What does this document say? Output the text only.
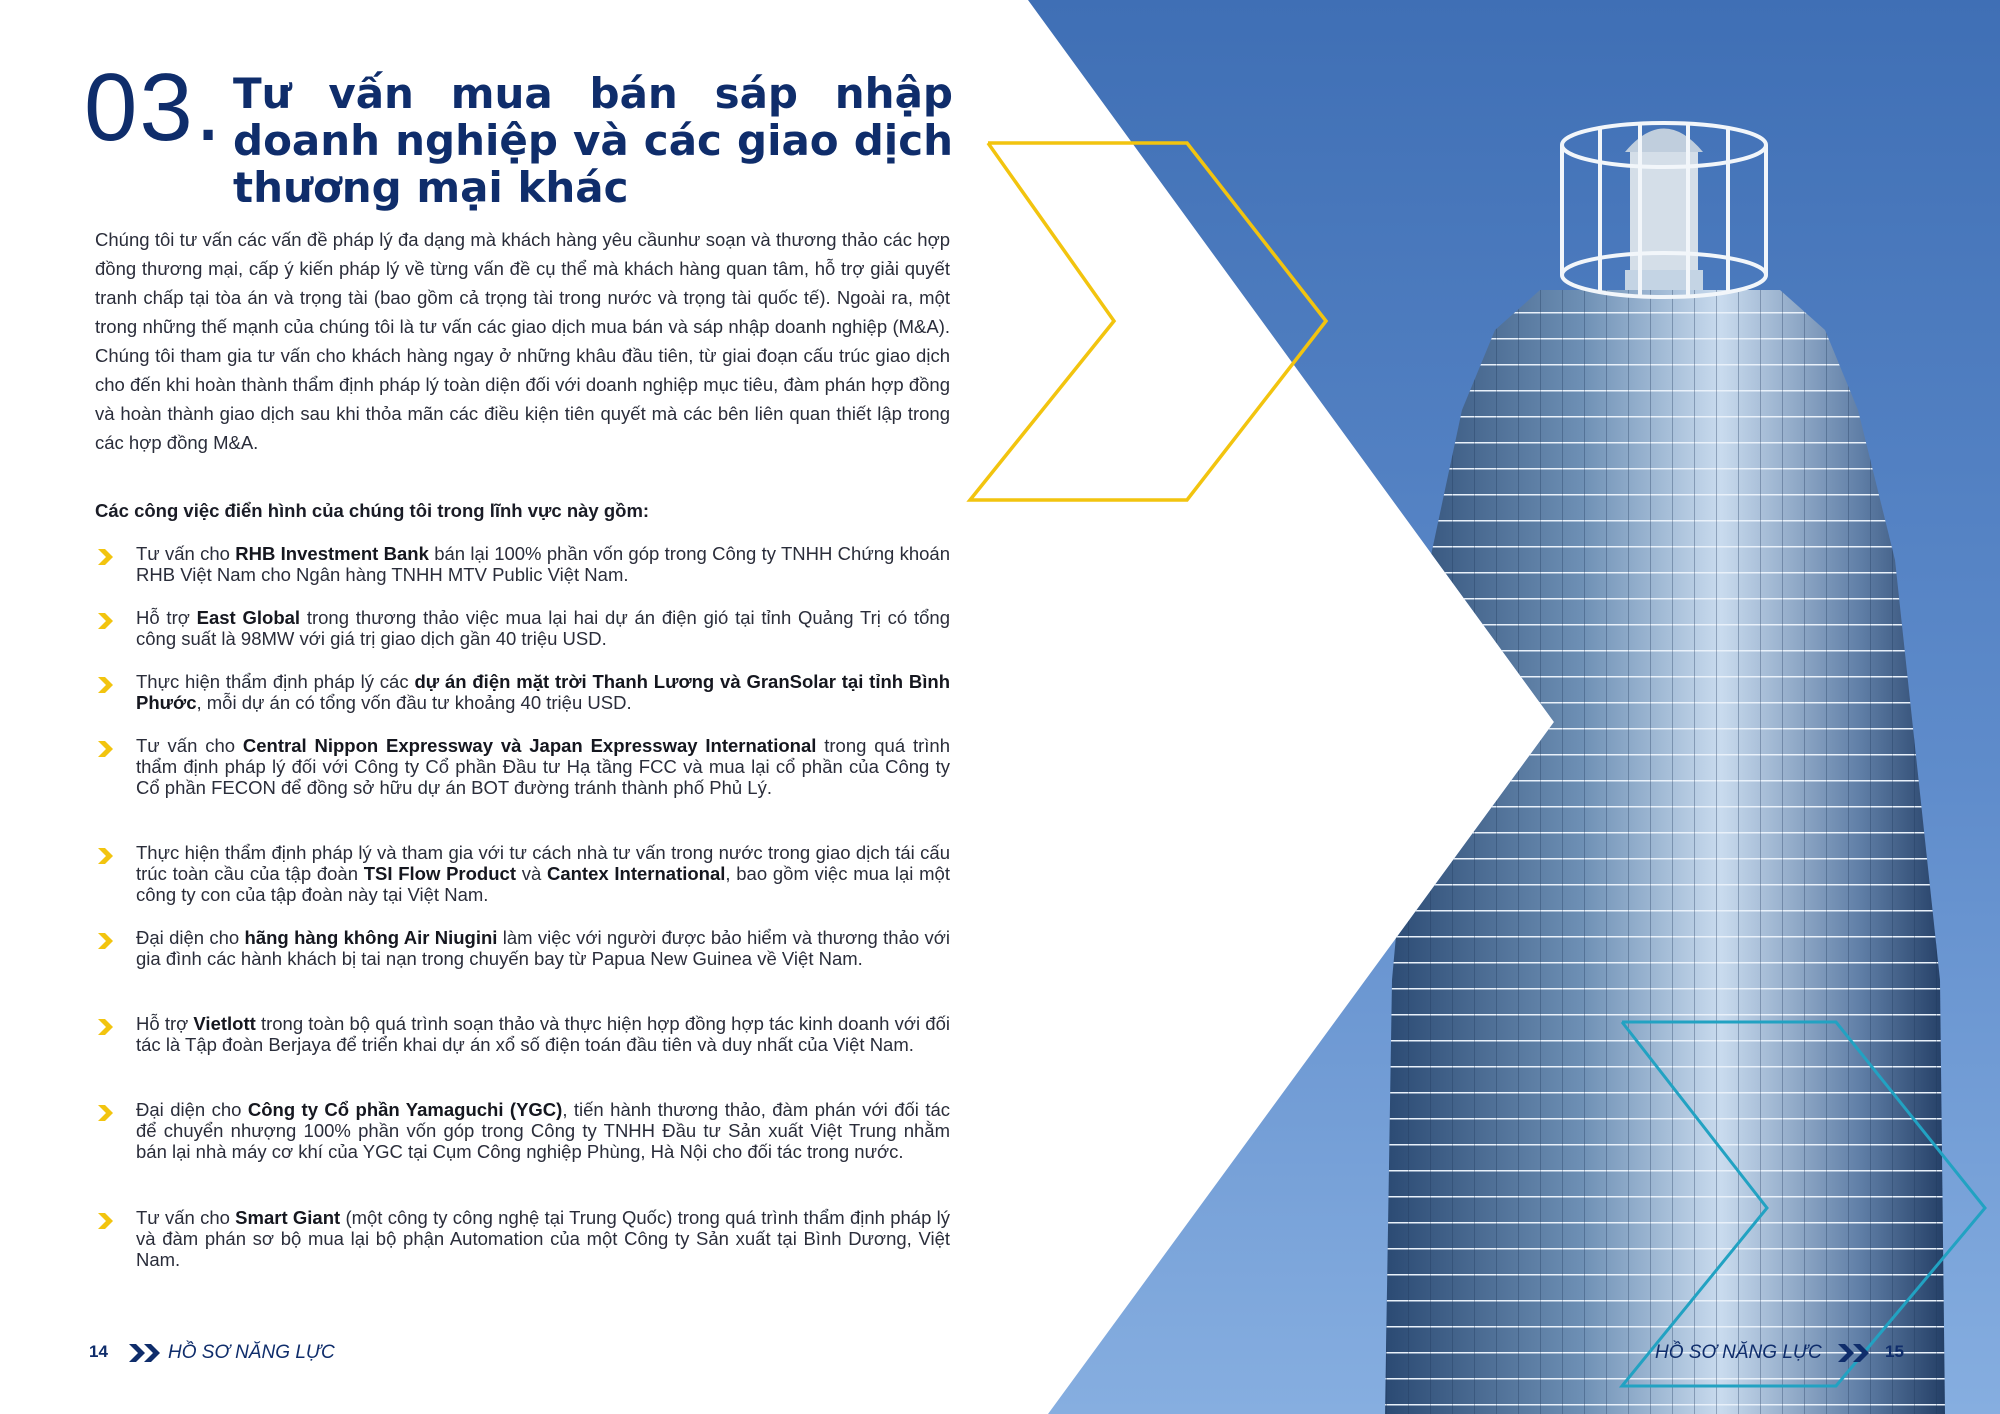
03. Tư vấn mua bán sáp nhập doanh nghiệp và các giao dịch thương mại khác

Chúng tôi tư vấn các vấn đề pháp lý đa dạng mà khách hàng yêu cầunhư soạn và thương thảo các hợp đồng thương mại, cấp ý kiến pháp lý về từng vấn đề cụ thể mà khách hàng quan tâm, hỗ trợ giải quyết tranh chấp tại tòa án và trọng tài (bao gồm cả trọng tài trong nước và trọng tài quốc tế). Ngoài ra, một trong những thế mạnh của chúng tôi là tư vấn các giao dịch mua bán và sáp nhập doanh nghiệp (M&A). Chúng tôi tham gia tư vấn cho khách hàng ngay ở những khâu đầu tiên, từ giai đoạn cấu trúc giao dịch cho đến khi hoàn thành thẩm định pháp lý toàn diện đối với doanh nghiệp mục tiêu, đàm phán hợp đồng và hoàn thành giao dịch sau khi thỏa mãn các điều kiện tiên quyết mà các bên liên quan thiết lập trong các hợp đồng M&A.

Các công việc điển hình của chúng tôi trong lĩnh vực này gồm:

Tư vấn cho RHB Investment Bank bán lại 100% phần vốn góp trong Công ty TNHH Chứng khoán RHB Việt Nam cho Ngân hàng TNHH MTV Public Việt Nam.
Hỗ trợ East Global trong thương thảo việc mua lại hai dự án điện gió tại tỉnh Quảng Trị có tổng công suất là 98MW với giá trị giao dịch gần 40 triệu USD.
Thực hiện thẩm định pháp lý các dự án điện mặt trời Thanh Lương và GranSolar tại tỉnh Bình Phước, mỗi dự án có tổng vốn đầu tư khoảng 40 triệu USD.
Tư vấn cho Central Nippon Expressway và Japan Expressway International trong quá trình thẩm định pháp lý đối với Công ty Cổ phần Đầu tư Hạ tầng FCC và mua lại cổ phần của Công ty Cổ phần FECON để đồng sở hữu dự án BOT đường tránh thành phố Phủ Lý.
Thực hiện thẩm định pháp lý và tham gia với tư cách nhà tư vấn trong nước trong giao dịch tái cấu trúc toàn cầu của tập đoàn TSI Flow Product và Cantex International, bao gồm việc mua lại một công ty con của tập đoàn này tại Việt Nam.
Đại diện cho hãng hàng không Air Niugini làm việc với người được bảo hiểm và thương thảo với gia đình các hành khách bị tai nạn trong chuyến bay từ Papua New Guinea về Việt Nam.
Hỗ trợ Vietlott trong toàn bộ quá trình soạn thảo và thực hiện hợp đồng hợp tác kinh doanh với đối tác là Tập đoàn Berjaya để triển khai dự án xổ số điện toán đầu tiên và duy nhất của Việt Nam.
Đại diện cho Công ty Cổ phần Yamaguchi (YGC), tiến hành thương thảo, đàm phán với đối tác để chuyển nhượng 100% phần vốn góp trong Công ty TNHH Đầu tư Sản xuất Việt Trung nhằm bán lại nhà máy cơ khí của YGC tại Cụm Công nghiệp Phùng, Hà Nội cho đối tác trong nước.
Tư vấn cho Smart Giant (một công ty công nghệ tại Trung Quốc) trong quá trình thẩm định pháp lý và đàm phán sơ bộ mua lại bộ phận Automation của một Công ty Sản xuất tại Bình Dương, Việt Nam.
14	HỒ SƠ NĂNG LỰC	HỒ SƠ NĂNG LỰC	15
